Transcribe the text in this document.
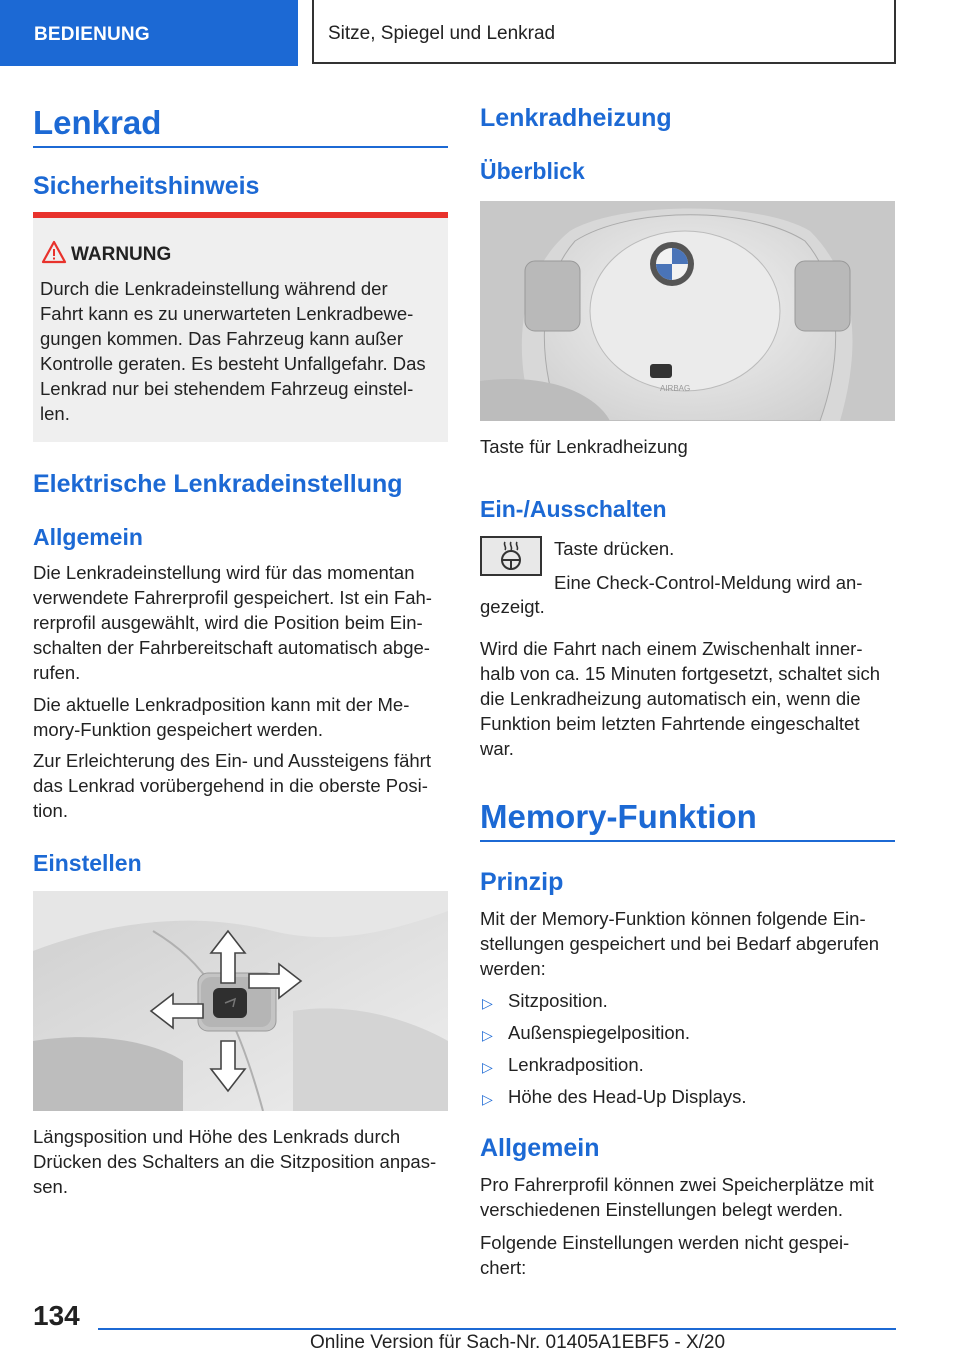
BEDIENUNG	Sitze, Spiegel und Lenkrad
Lenkrad
Sicherheitshinweis
WARNUNG

Durch die Lenkradeinstellung während der

Fahrt kann es zu unerwarteten Lenkradbewe-

gungen kommen. Das Fahrzeug kann außer

Kontrolle geraten. Es besteht Unfallgefahr. Das

Lenkrad nur bei stehendem Fahrzeug einstel-

len.

Elektrische Lenkradeinstellung
Allgemein

Die Lenkradeinstellung wird für das momentan

verwendete Fahrerprofil gespeichert. Ist ein Fah-

rerprofil ausgewählt, wird die Position beim Ein-

schalten der Fahrbereitschaft automatisch abge-

rufen.

Die aktuelle Lenkradposition kann mit der Me-

mory-Funktion gespeichert werden.

Zur Erleichterung des Ein- und Aussteigens fährt

das Lenkrad vorübergehend in die oberste Posi-

tion.

Einstellen

Längsposition und Höhe des Lenkrads durch

Drücken des Schalters an die Sitzposition anpas-

sen.

Lenkradheizung
Überblick
AIRBAG

Taste für Lenkradheizung

Ein-/Ausschalten

Taste drücken.

Eine Check-Control-Meldung wird an-

gezeigt.

Wird die Fahrt nach einem Zwischenhalt inner-

halb von ca. 15 Minuten fortgesetzt, schaltet sich

die Lenkradheizung automatisch ein, wenn die

Funktion beim letzten Fahrtende eingeschaltet

war.

Memory-Funktion
Prinzip

Mit der Memory-Funktion können folgende Ein-

stellungen gespeichert und bei Bedarf abgerufen

werden:

▷ Sitzposition.
▷ Außenspiegelposition.
▷ Lenkradposition.
▷ Höhe des Head-Up Displays.
Allgemein

Pro Fahrerprofil können zwei Speicherplätze mit

verschiedenen Einstellungen belegt werden.

Folgende Einstellungen werden nicht gespei-

chert:

134
Online Version für Sach-Nr. 01405A1EBF5 - X/20
